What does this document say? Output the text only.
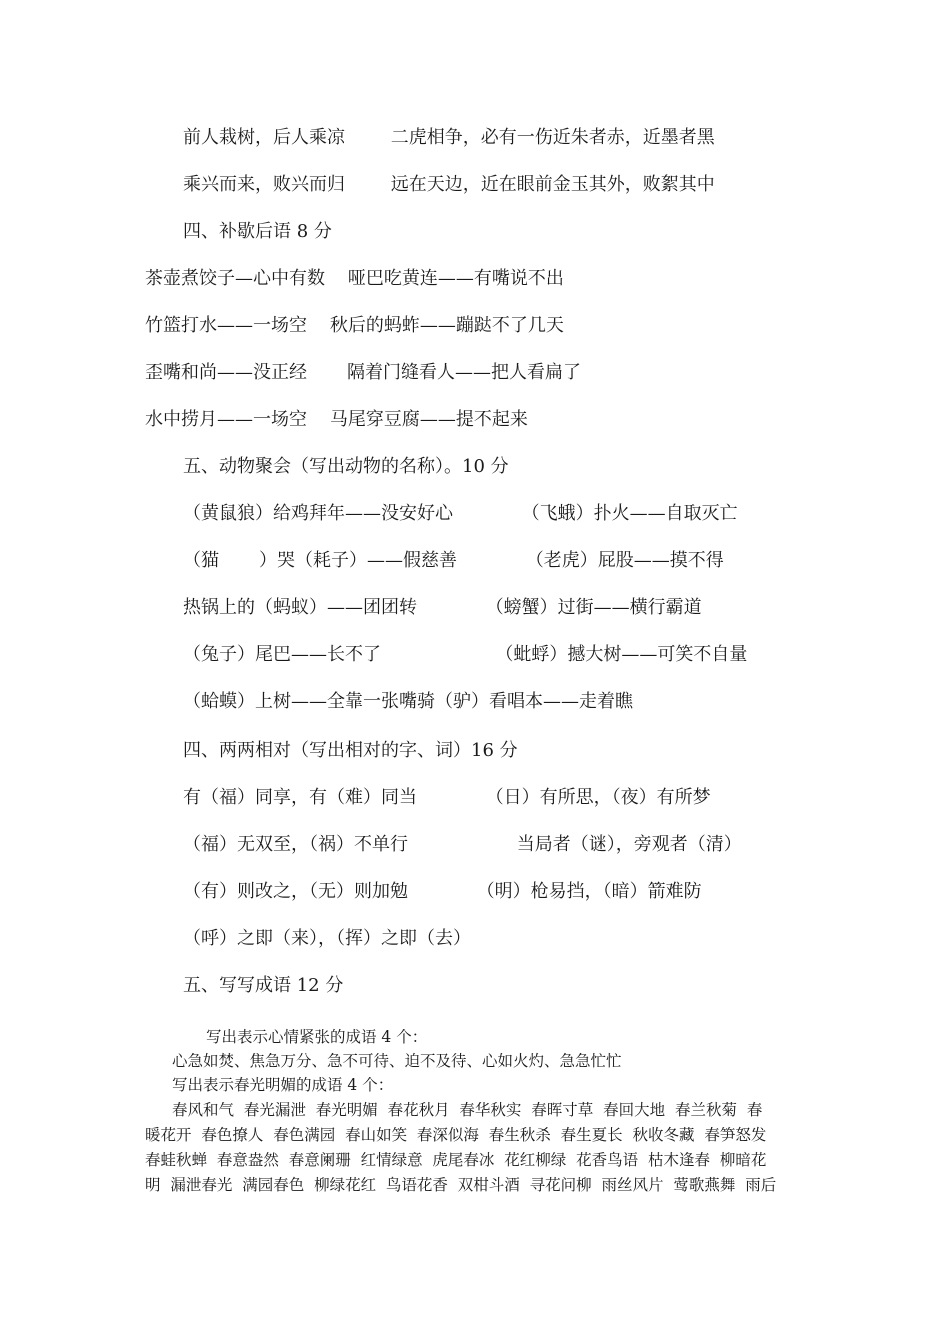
前人栽树，后人乘凉        二虎相争，必有一伤近朱者赤，近墨者黑
乘兴而来，败兴而归        远在天边，近在眼前金玉其外，败絮其中
四、补歇后语 8 分
茶壶煮饺子—心中有数    哑巴吃黄连——有嘴说不出
竹篮打水——一场空    秋后的蚂蚱——蹦跶不了几天
歪嘴和尚——没正经       隔着门缝看人——把人看扁了
水中捞月——一场空    马尾穿豆腐——提不起来
五、动物聚会（写出动物的名称）。10 分
（黄鼠狼）给鸡拜年——没安好心            （飞蛾）扑火——自取灭亡
（猫       ）哭（耗子）——假慈善            （老虎）屁股——摸不得
热锅上的（蚂蚁）——团团转            （螃蟹）过街——横行霸道
（兔子）尾巴——长不了                    （蚍蜉）撼大树——可笑不自量
（蛤蟆）上树——全靠一张嘴骑（驴）看唱本——走着瞧
四、两两相对（写出相对的字、词）16 分
有（福）同享，有（难）同当            （日）有所思，（夜）有所梦
（福）无双至，（祸）不单行                   当局者（谜），旁观者（清）
（有）则改之，（无）则加勉            （明）枪易挡，（暗）箭难防
（呼）之即（来），（挥）之即（去）
五、写写成语 12 分
写出表示心情紧张的成语 4 个：
心急如焚、焦急万分、急不可待、迫不及待、心如火灼、急急忙忙
写出表示春光明媚的成语 4 个：
春风和气  春光漏泄  春光明媚  春花秋月  春华秋实  春晖寸草  春回大地  春兰秋菊  春
暖花开  春色撩人  春色满园  春山如笑  春深似海  春生秋杀  春生夏长  秋收冬藏  春笋怒发
春蛙秋蝉  春意盎然  春意阑珊  红情绿意  虎尾春冰  花红柳绿  花香鸟语  枯木逢春  柳暗花
明  漏泄春光  满园春色  柳绿花红  鸟语花香  双柑斗酒  寻花问柳  雨丝风片  莺歌燕舞  雨后
